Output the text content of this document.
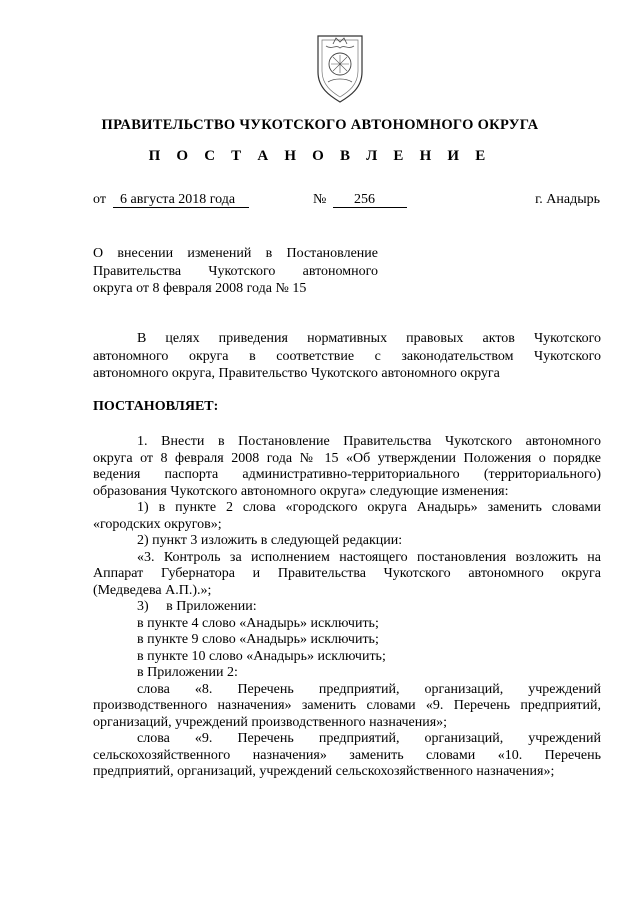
ПРАВИТЕЛЬСТВО ЧУКОТСКОГО АВТОНОМНОГО ОКРУГА
П О С Т А Н О В Л Е Н И Е
от	6 августа 2018 года	№	256	г. Анадырь
О внесении изменений в Постановление
Правительства Чукотского автономного
округа от 8 февраля 2008 года № 15
В целях приведения нормативных правовых актов Чукотского
автономного округа в соответствие с законодательством Чукотского
автономного округа, Правительство Чукотского автономного округа
ПОСТАНОВЛЯЕТ:
1. Внести в Постановление Правительства Чукотского автономного
округа от 8 февраля 2008 года № 15 «Об утверждении Положения о порядке
ведения паспорта административно-территориального (территориального)
образования Чукотского автономного округа» следующие изменения:
1) в пункте 2 слова «городского округа Анадырь» заменить словами
«городских округов»;
2) пункт 3 изложить в следующей редакции:
«3. Контроль за исполнением настоящего постановления возложить на
Аппарат Губернатора и Правительства Чукотского автономного округа
(Медведева А.П.).»;
3)     в Приложении:
в пункте 4 слово «Анадырь» исключить;
в пункте 9 слово «Анадырь» исключить;
в пункте 10 слово «Анадырь» исключить;
в Приложении 2:
слова «8. Перечень предприятий, организаций, учреждений
производственного назначения» заменить словами «9. Перечень предприятий,
организаций, учреждений производственного назначения»;
слова «9. Перечень предприятий, организаций, учреждений
сельскохозяйственного назначения» заменить словами «10. Перечень
предприятий, организаций, учреждений сельскохозяйственного назначения»;
